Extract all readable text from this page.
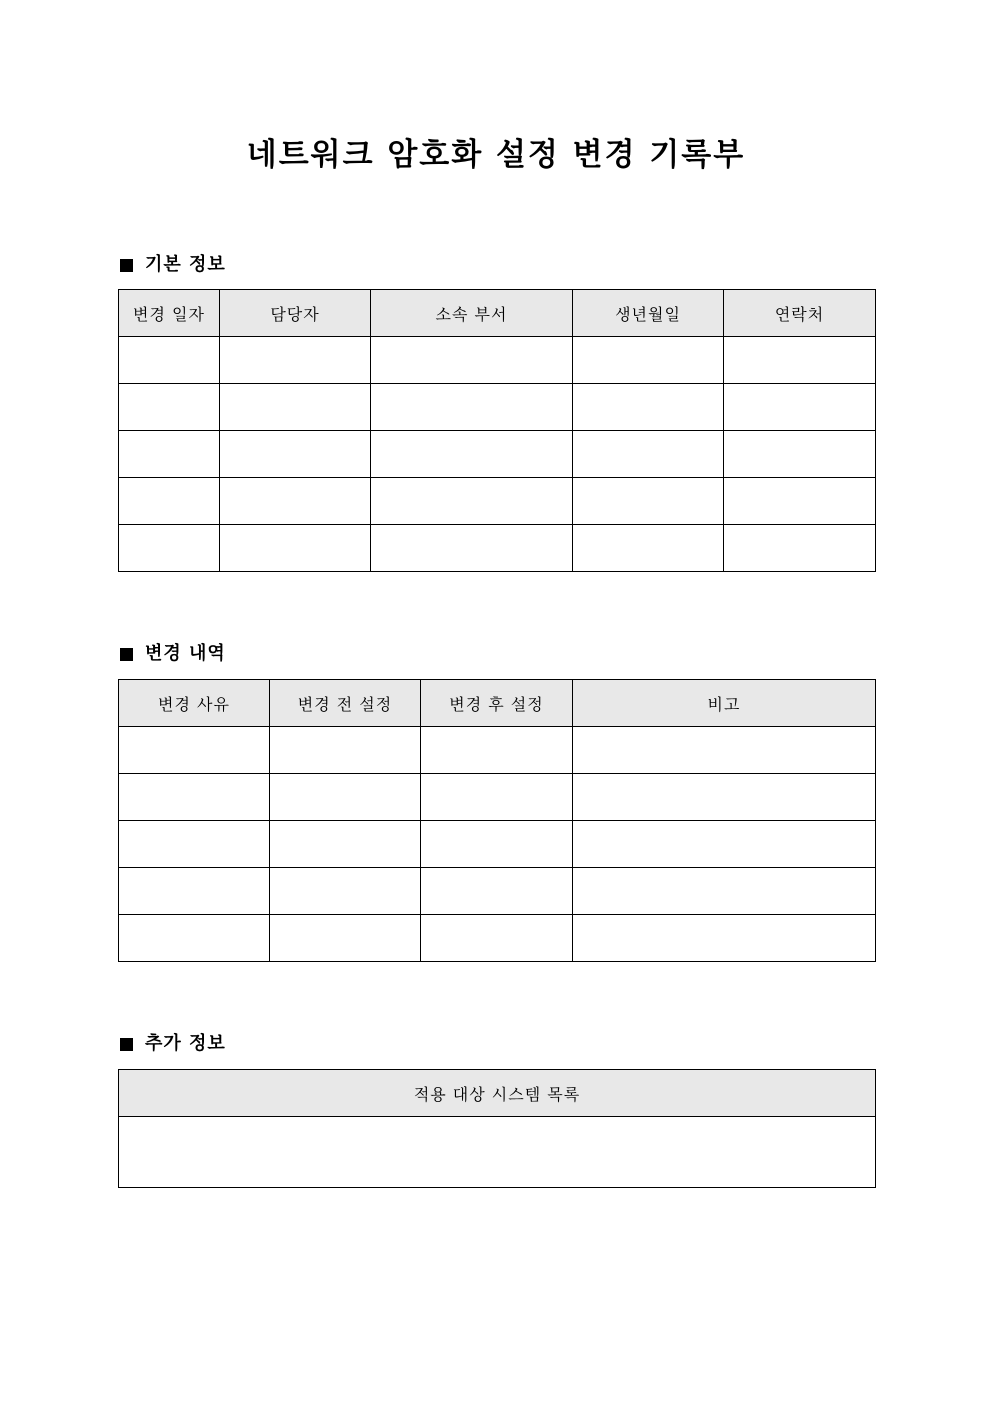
네트워크 암호화 설정 변경 기록부
기본 정보
변경 일자	담당자	소속 부서	생년월일	연락처

변경 내역
변경 사유	변경 전 설정	변경 후 설정	비고

추가 정보
적용 대상 시스템 목록
